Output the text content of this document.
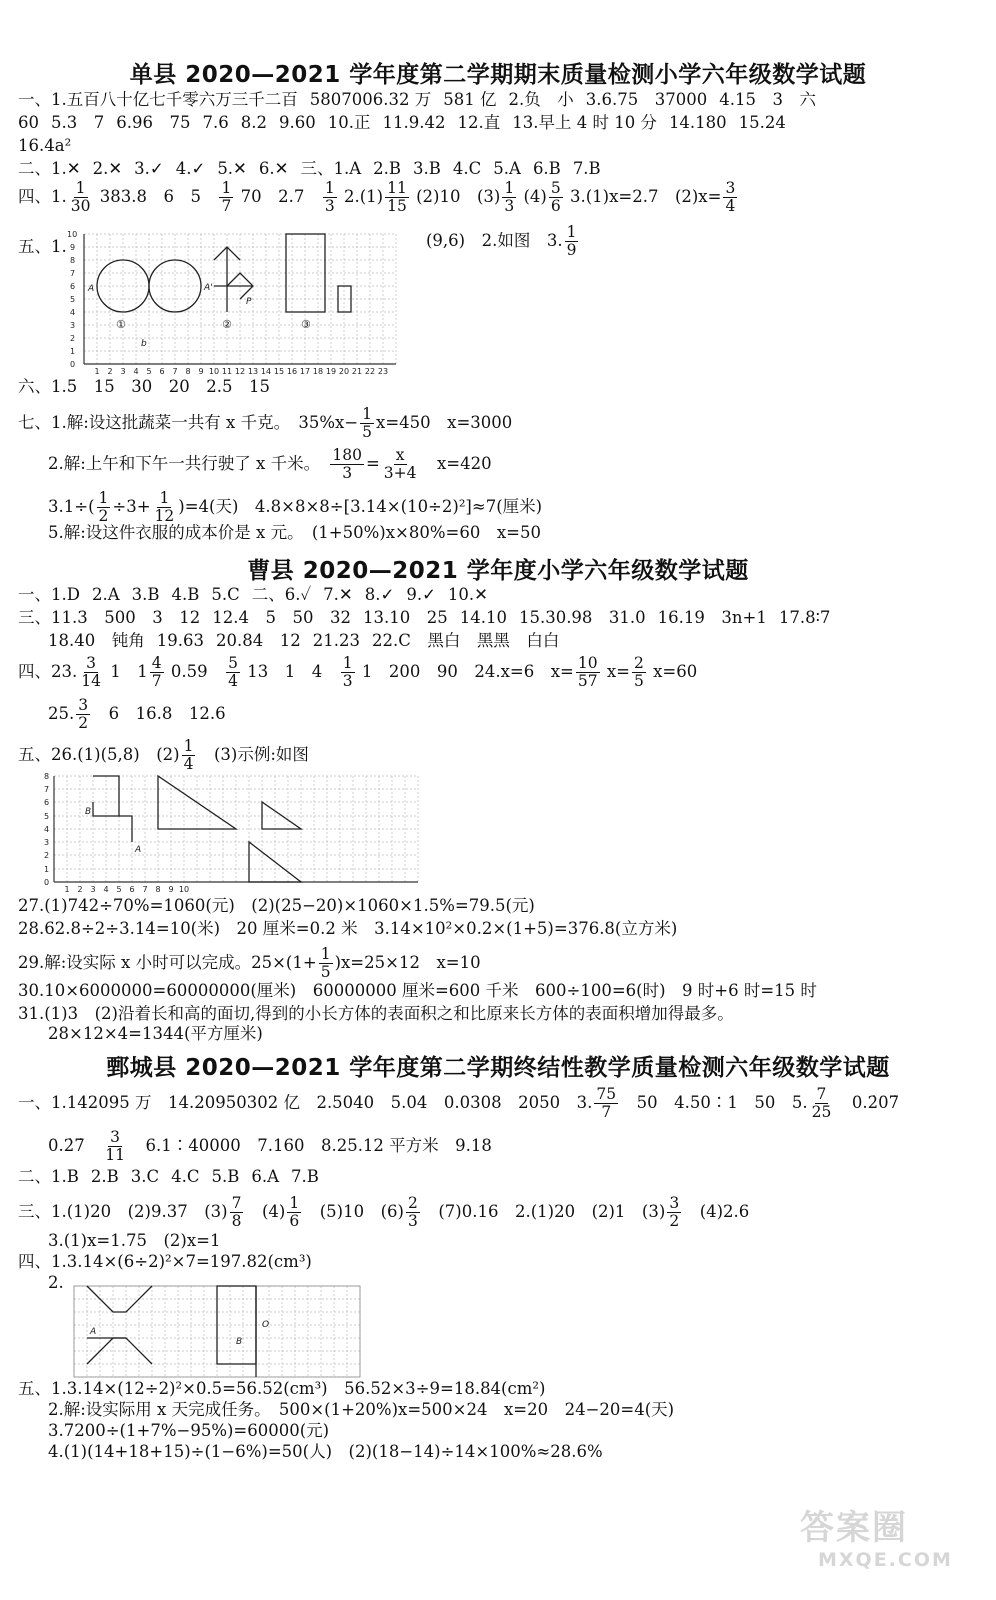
单县 2020—2021 学年度第二学期期末质量检测小学六年级数学试题
一、1.五百八十亿七千零六万三千二百 5807006.32 万 581 亿 2.负　小 3.6.75　37000 4.15　3　六
60 5.3　7 6.96　75 7.6 8.2 9.60 10.正 11.9.42 12.直 13.早上 4 时 10 分 14.180 15.24
16.4a²
二、1.✕ 2.✕ 3.✓ 4.✓ 5.✕ 6.✕ 三、1.A 2.B 3.B 4.C 5.A 6.B 7.B
四、1. $\frac{1}{30} 383.8$　6　5　 $\frac{1}{7} 70$　2.7　 $\frac{1}{3} 2.(1) \frac{11}{15} (2)10$　$(3) \frac{1}{3} (4) \frac{5}{6} 3.(1)x=2.7$　$(2)x= \frac{3}{4}$
五、1.	(9,6)　2.如图　3. $\frac{1}{9}$
10
9
8
7
6
5
4
3
2
1
0
1 2 3 4 5 6 7 8 9 10 11 12 13 14 15 16 17 18 19 20 21 22 23
A	A'
P
b
①	②	③
六、1.5　15　30　20　2.5　15
七、1.解:设这批蔬菜一共有 x 千克。　$35\%x- \frac{1}{5} x=450$　x=3000
2.解:上午和下午一共行驶了 x 千米。　 $\frac{180}{3} = \frac{x}{3+4}$
　 x=420
$3.1\div( \frac{1}{2} \div 3+ \frac{1}{12} )=4$(天)　4.8×8×8÷[3.14×(10÷2)²]≈7(厘米)
5.解:设这件衣服的成本价是 x 元。　(1+50%)x×80%=60　x=50
曹县 2020—2021 学年度小学六年级数学试题
一、1.D 2.A 3.B 4.B 5.C 二、6.✓ 7.✕ 8.✓ 9.✓ 10.✕
三、11.3　500　3　12 12.4　5　50　32 13.10　25 14.10 15.30.98　31.0 16.19　3n+1 17.8∶7
18.40　钝角 19.63 20.84　12 21.23 22.C　黑白　黑黑　白白
四、23. $\frac{3}{14} 1$　$1 \frac{4}{7} 0.59$　 $\frac{5}{4} 13$　1　4　 $\frac{1}{3} 1$　200　90　24.x=6　$x= \frac{10}{57} x= \frac{2}{5} x=60$
25. $\frac{3}{2}$
　 6　16.8　12.6
五、26.(1)(5,8)　$(2) \frac{1}{4}$
　 (3)示例:如图
8
7
6
5
4
3
2
1
0
1 2 3 4 5 6 7 8 9 10
B
A
27.(1)742÷70%=1060(元)　(2)(25−20)×1060×1.5%=79.5(元)
28.62.8÷2÷3.14=10(米)　20 厘米=0.2 米　3.14×10²×0.2×(1+5)=376.8(立方米)
29.解:设实际 x 小时可以完成。$25\times(1+ \frac{1}{5} )x=25\times 12$　x=10
30.10×6000000=60000000(厘米)　60000000 厘米=600 千米　600÷100=6(时)　9 时+6 时=15 时
31.(1)3　(2)沿着长和高的面切,得到的小长方体的表面积之和比原来长方体的表面积增加得最多。
28×12×4=1344(平方厘米)
鄄城县 2020—2021 学年度第二学期终结性教学质量检测六年级数学试题
一、1.142095 万　14.20950302 亿　2.5040　5.04　0.0308　2050　3. $\frac{75}{7}$
　 50　4.50∶1　50　5. $\frac{7}{25}$
　 0.2̇07̇
0.2̇7̇　 $\frac{3}{11}$
　 6.1∶40000　7.160　8.25.12 平方米　9.18
二、1.B 2.B 3.C 4.C 5.B 6.A 7.B
三、1.(1)20　(2)9.37　$(3) \frac{7}{8}$
　 $(4) \frac{1}{6}$
　 (5)10　$(6) \frac{2}{3}$
　 (7)0.16　2.(1)20　(2)1　$(3) \frac{3}{2}$
　 (4)2.6
3.(1)x=1.75　(2)x=1
四、1.3.14×(6÷2)²×7=197.82(cm³)
2.
A
B
O
五、1.3.14×(12÷2)²×0.5=56.52(cm³)　56.52×3÷9=18.84(cm²)
2.解:设实际用 x 天完成任务。　500×(1+20%)x=500×24　x=20　24−20=4(天)
3.7200÷(1+7%−95%)=60000(元)
4.(1)(14+18+15)÷(1−6%)=50(人)　(2)(18−14)÷14×100%≈28.6%
答案圈
MXQE.COM
